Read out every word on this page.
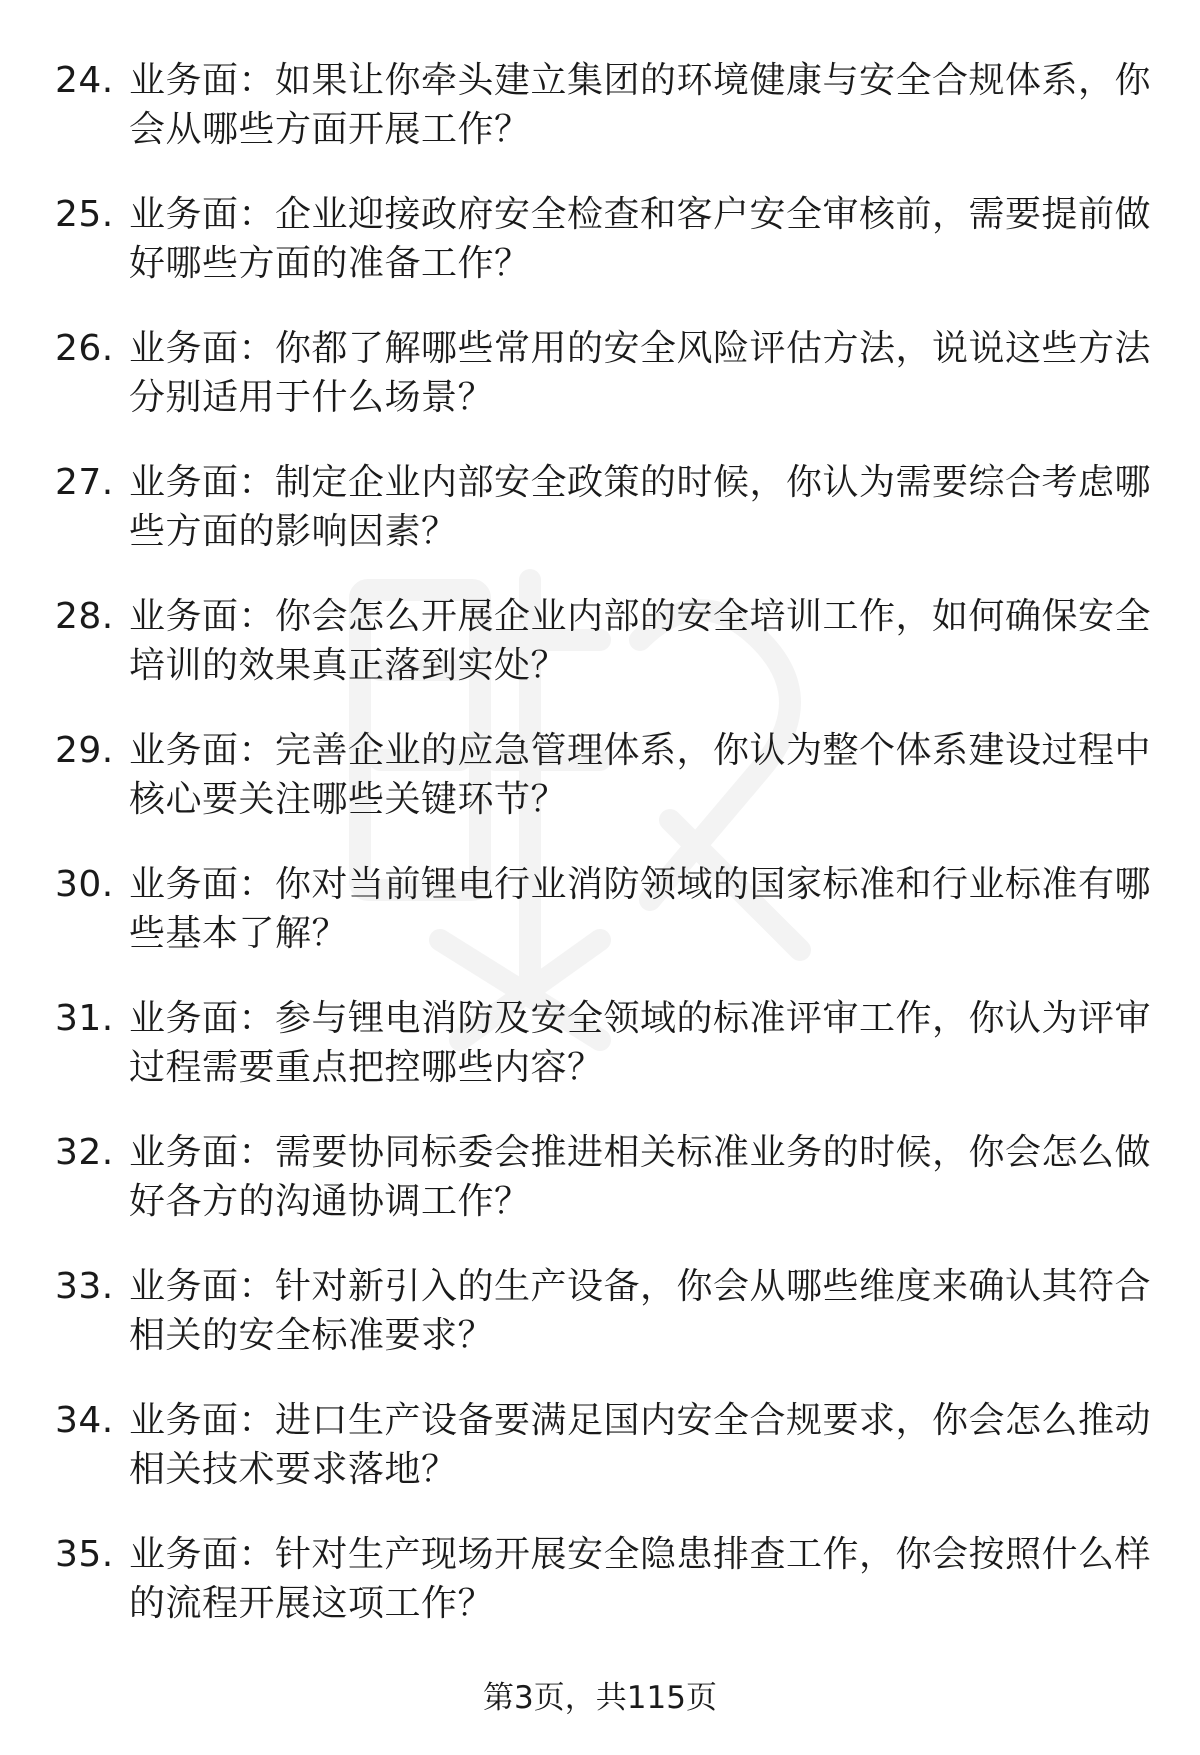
24. 业务面：如果让你牵头建立集团的环境健康与安全合规体系，你会从哪些方面开展工作？
25. 业务面：企业迎接政府安全检查和客户安全审核前，需要提前做好哪些方面的准备工作？
26. 业务面：你都了解哪些常用的安全风险评估方法，说说这些方法分别适用于什么场景？
27. 业务面：制定企业内部安全政策的时候，你认为需要综合考虑哪些方面的影响因素？
28. 业务面：你会怎么开展企业内部的安全培训工作，如何确保安全培训的效果真正落到实处？
29. 业务面：完善企业的应急管理体系，你认为整个体系建设过程中核心要关注哪些关键环节？
30. 业务面：你对当前锂电行业消防领域的国家标准和行业标准有哪些基本了解？
31. 业务面：参与锂电消防及安全领域的标准评审工作，你认为评审过程需要重点把控哪些内容？
32. 业务面：需要协同标委会推进相关标准业务的时候，你会怎么做好各方的沟通协调工作？
33. 业务面：针对新引入的生产设备，你会从哪些维度来确认其符合相关的安全标准要求？
34. 业务面：进口生产设备要满足国内安全合规要求，你会怎么推动相关技术要求落地？
35. 业务面：针对生产现场开展安全隐患排查工作，你会按照什么样的流程开展这项工作？
第3页，共115页
